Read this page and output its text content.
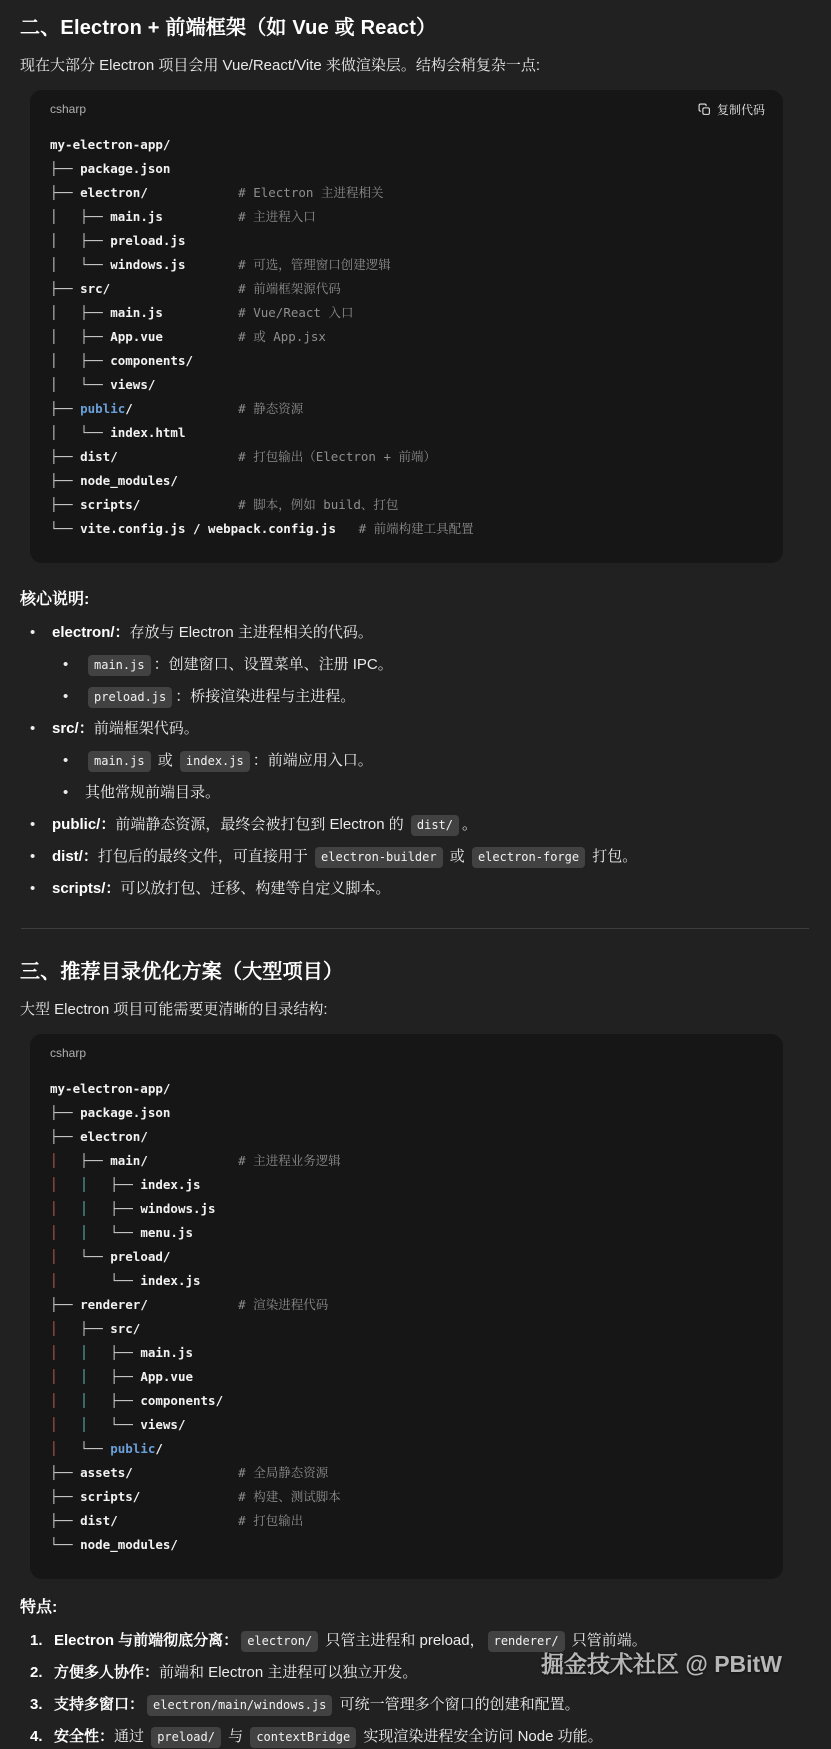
二、Electron + 前端框架（如 Vue 或 React）

现在大部分 Electron 项目会用 Vue/React/Vite 来做渲染层。结构会稍复杂一点:

csharp	复制代码
my-electron-app/
├── package.json
├── electron/	# Electron 主进程相关
│   ├── main.js	# 主进程入口
│   ├── preload.js
│   └── windows.js	# 可选，管理窗口创建逻辑
├── src/	# 前端框架源代码
│   ├── main.js	# Vue/React 入口
│   ├── App.vue	# 或 App.jsx
│   ├── components/
│   └── views/
├── public/	# 静态资源
│   └── index.html
├── dist/	# 打包输出（Electron + 前端）
├── node_modules/
├── scripts/	# 脚本，例如 build、打包
└── vite.config.js / webpack.config.js # 前端构建工具配置
核心说明:
•	electron/：存放与 Electron 主进程相关的代码。
•	main.js ：创建窗口、设置菜单、注册 IPC。
•	preload.js ：桥接渲染进程与主进程。
•	src/：前端框架代码。
•	main.js 或 index.js ：前端应用入口。
•	其他常规前端目录。
•	public/：前端静态资源，最终会被打包到 Electron 的 dist/ 。
•	dist/：打包后的最终文件，可直接用于 electron-builder 或 electron-forge 打包。
•	scripts/：可以放打包、迁移、构建等自定义脚本。
三、推荐目录优化方案（大型项目）

大型 Electron 项目可能需要更清晰的目录结构:

csharp
my-electron-app/
├── package.json
├── electron/
│   ├── main/	# 主进程业务逻辑
│   │   ├── index.js
│   │   ├── windows.js
│   │   └── menu.js
│   └── preload/
│       └── index.js
├── renderer/	# 渲染进程代码
│   ├── src/
│   │   ├── main.js
│   │   ├── App.vue
│   │   ├── components/
│   │   └── views/
│   └── public/
├── assets/	# 全局静态资源
├── scripts/	# 构建、测试脚本
├── dist/	# 打包输出
└── node_modules/
特点:
1. Electron 与前端彻底分离： electron/ 只管主进程和 preload， renderer/ 只管前端。
2. 方便多人协作：前端和 Electron 主进程可以独立开发。
3. 支持多窗口： electron/main/windows.js 可统一管理多个窗口的创建和配置。
4. 安全性：通过 preload/ 与 contextBridge 实现渲染进程安全访问 Node 功能。
掘金技术社区 @ PBitW
